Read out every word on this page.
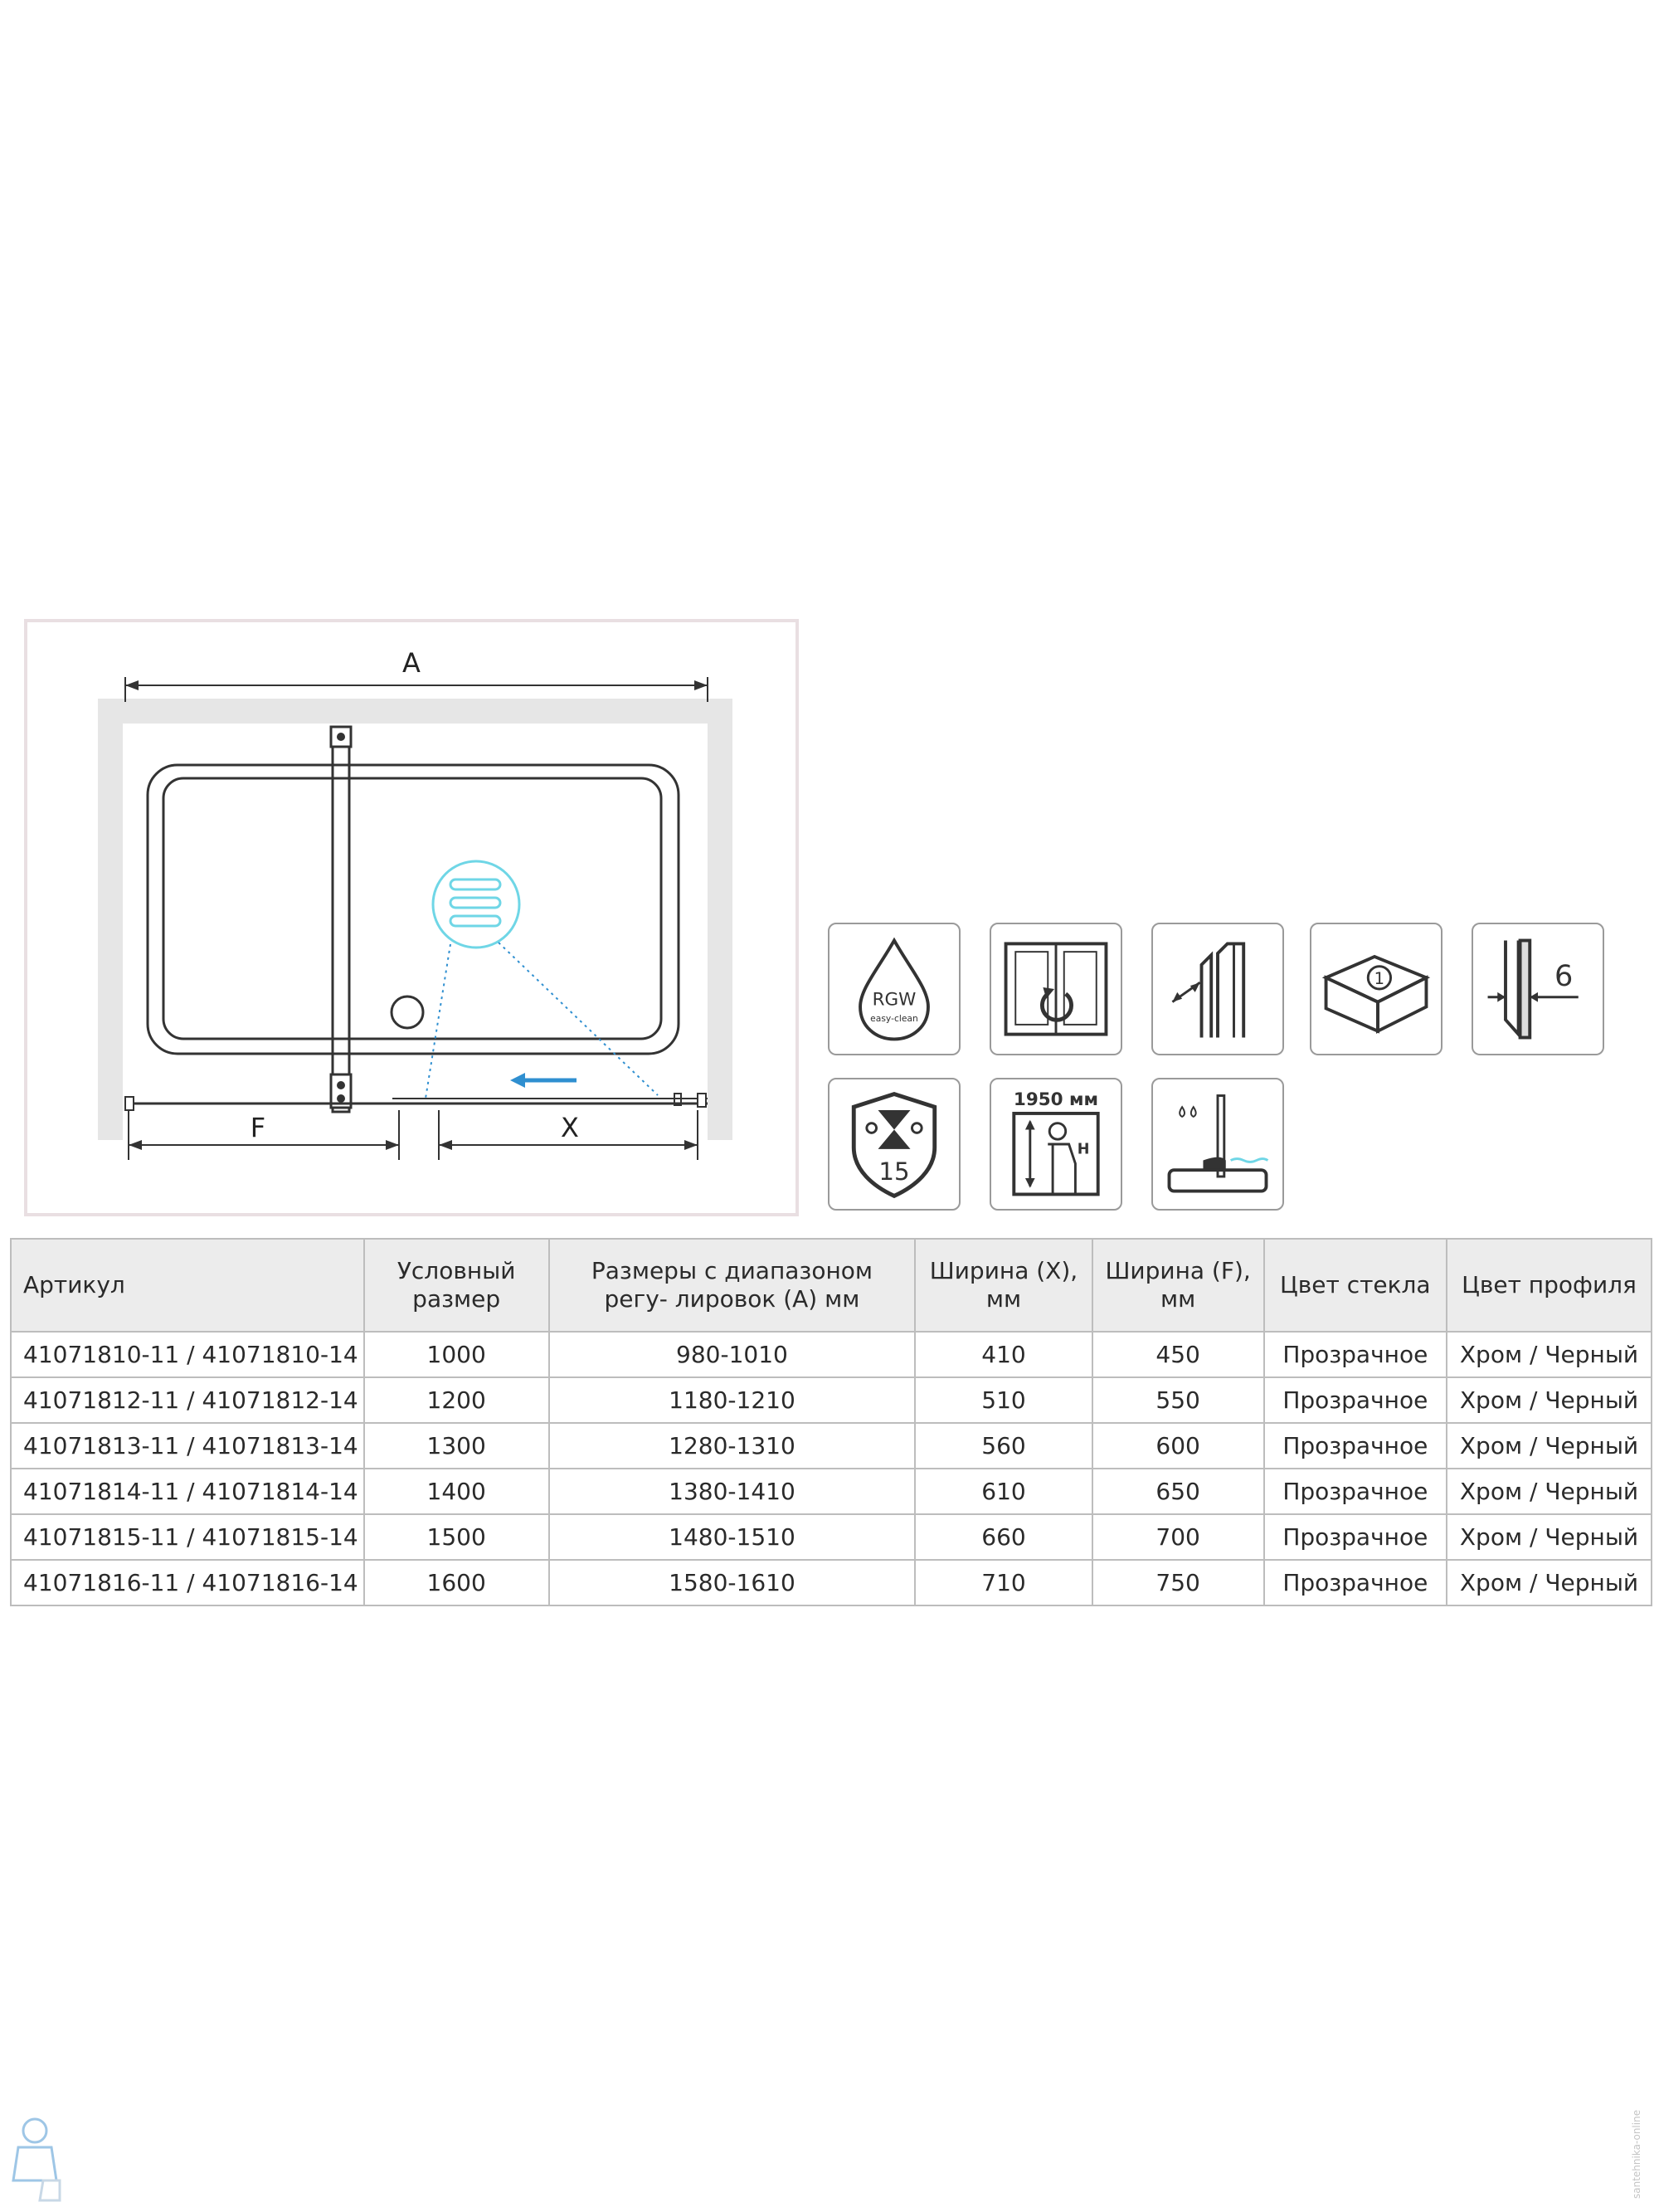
A
F	X
RGW
easy-clean
1	6
15
1950 мм
H
Артикул	Условный размер	Размеры с диапазоном регу- лировок (А) мм	Ширина (X), мм	Ширина (F), мм	Цвет стекла	Цвет профиля
41071810-11 / 41071810-14	1000	980-1010	410	450	Прозрачное	Хром / Черный
41071812-11 / 41071812-14	1200	1180-1210	510	550	Прозрачное	Хром / Черный
41071813-11 / 41071813-14	1300	1280-1310	560	600	Прозрачное	Хром / Черный
41071814-11 / 41071814-14	1400	1380-1410	610	650	Прозрачное	Хром / Черный
41071815-11 / 41071815-14	1500	1480-1510	660	700	Прозрачное	Хром / Черный
41071816-11 / 41071816-14	1600	1580-1610	710	750	Прозрачное	Хром / Черный
santehnika-online
